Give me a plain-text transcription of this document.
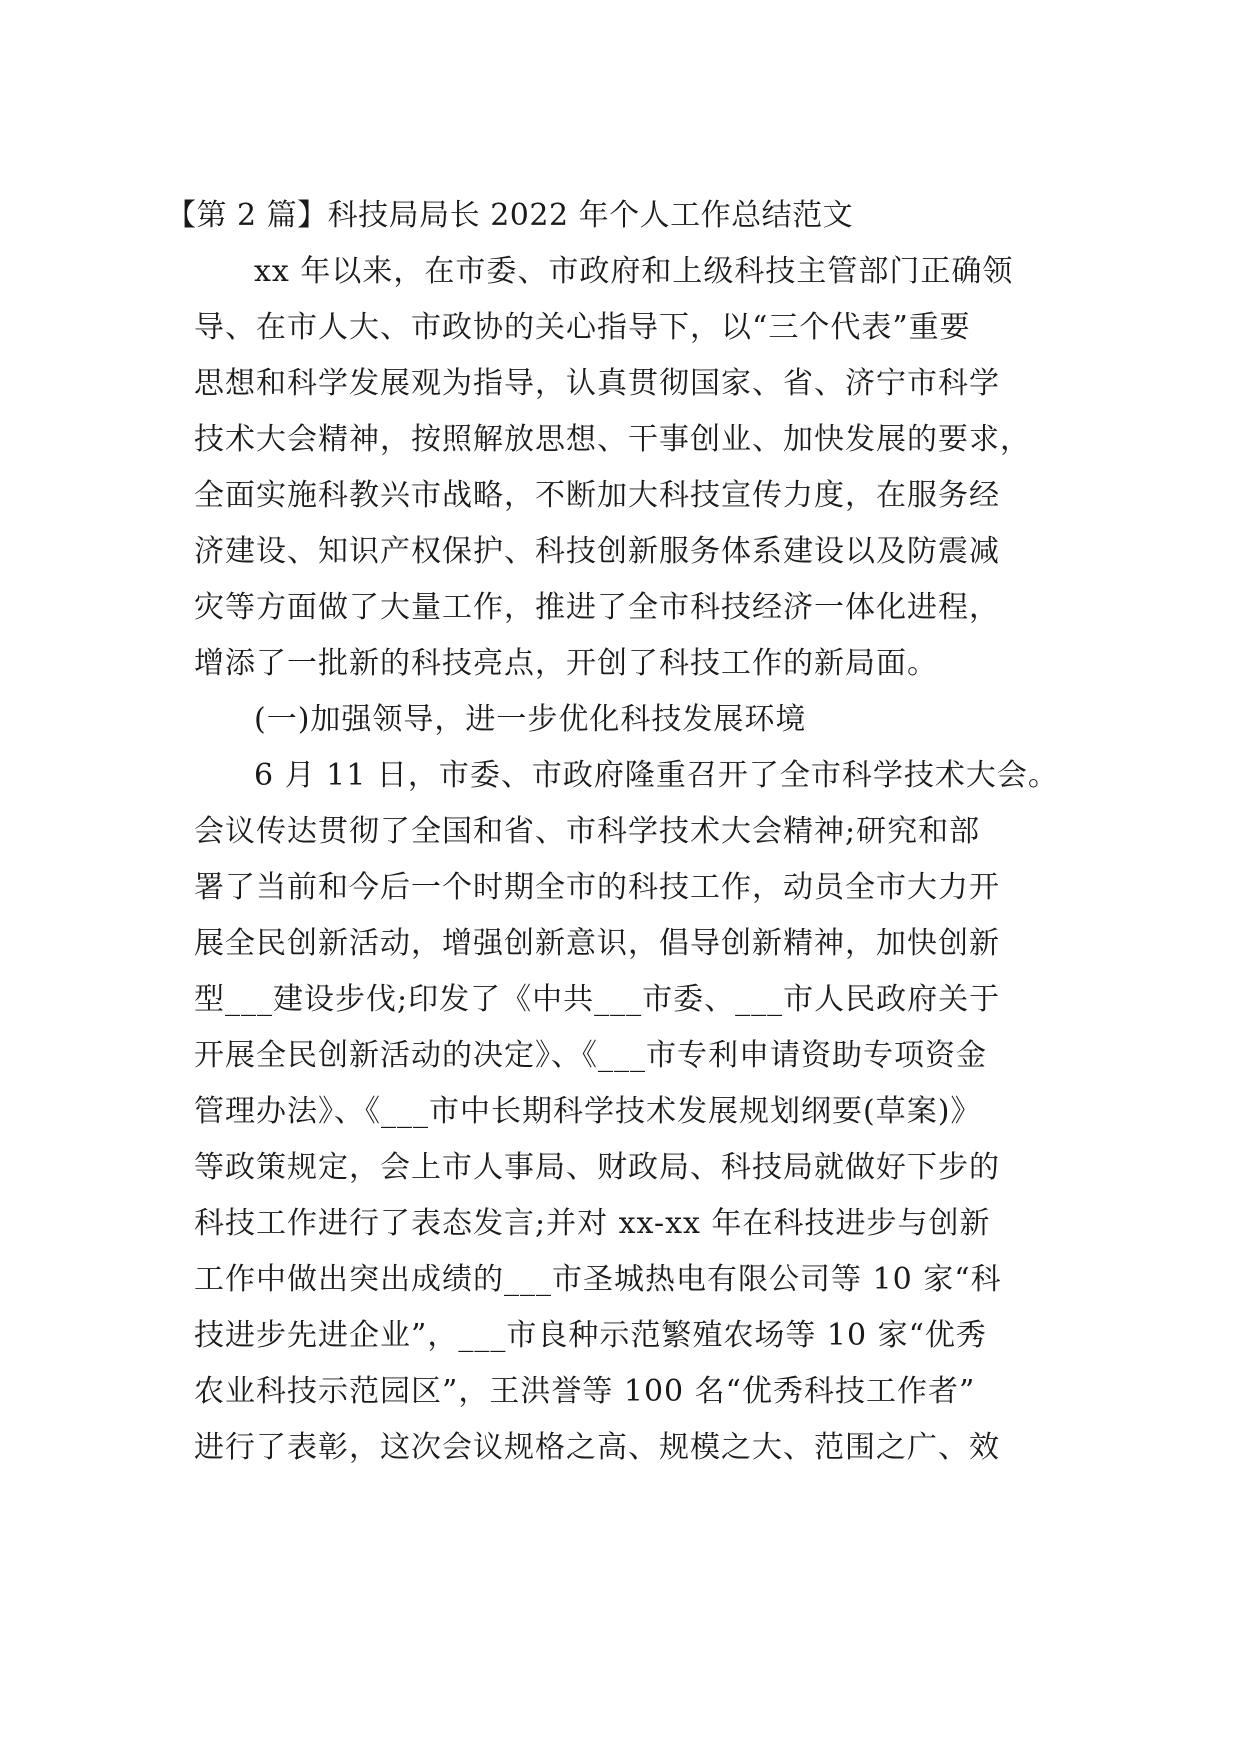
【第 2 篇】科技局局长 2022 年个人工作总结范文
xx 年以来，在市委、市政府和上级科技主管部门正确领
导、在市人大、市政协的关心指导下，以“三个代表”重要
思想和科学发展观为指导，认真贯彻国家、省、济宁市科学
技术大会精神，按照解放思想、干事创业、加快发展的要求，
全面实施科教兴市战略，不断加大科技宣传力度，在服务经
济建设、知识产权保护、科技创新服务体系建设以及防震减
灾等方面做了大量工作，推进了全市科技经济一体化进程，
增添了一批新的科技亮点，开创了科技工作的新局面。
(一)加强领导，进一步优化科技发展环境
6 月 11 日，市委、市政府隆重召开了全市科学技术大会。
会议传达贯彻了全国和省、市科学技术大会精神;研究和部
署了当前和今后一个时期全市的科技工作，动员全市大力开
展全民创新活动，增强创新意识，倡导创新精神，加快创新
型___建设步伐;印发了《中共___市委、___市人民政府关于
开展全民创新活动的决定》、《___市专利申请资助专项资金
管理办法》、《___市中长期科学技术发展规划纲要(草案)》
等政策规定，会上市人事局、财政局、科技局就做好下步的
科技工作进行了表态发言;并对 xx-xx 年在科技进步与创新
工作中做出突出成绩的___市圣城热电有限公司等 10 家“科
技进步先进企业”，___市良种示范繁殖农场等 10 家“优秀
农业科技示范园区”，王洪誉等 100 名“优秀科技工作者”
进行了表彰，这次会议规格之高、规模之大、范围之广、效
